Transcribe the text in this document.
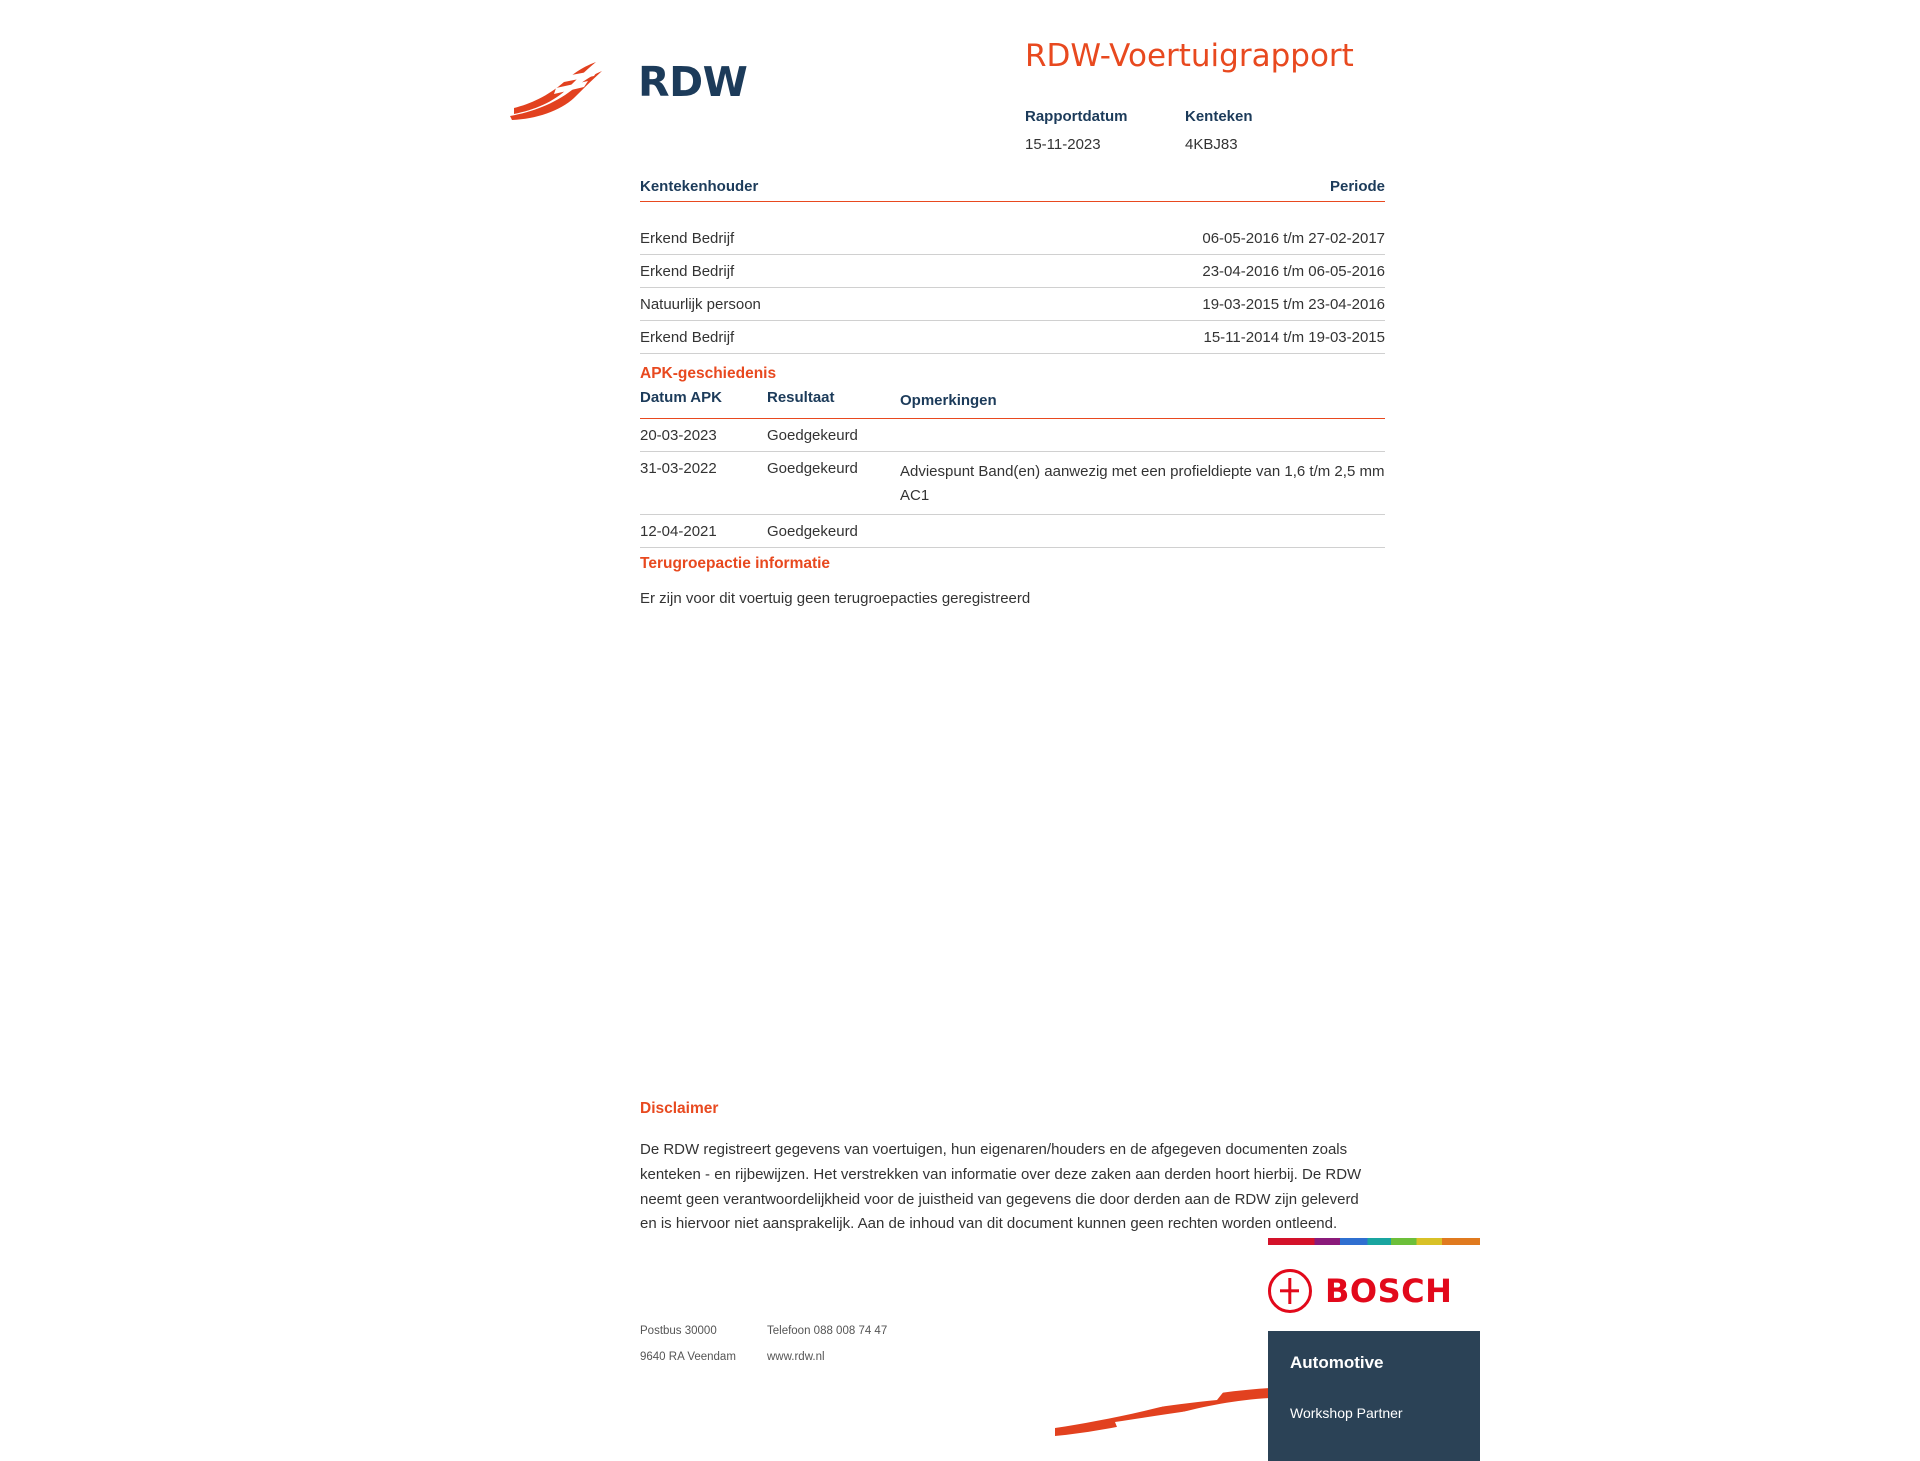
RDW
RDW-Voertuigrapport
Rapportdatum	Kenteken
15-11-2023	4KBJ83
Kentekenhouder	Periode
Erkend Bedrijf	06-05-2016 t/m 27-02-2017
Erkend Bedrijf	23-04-2016 t/m 06-05-2016
Natuurlijk persoon	19-03-2015 t/m 23-04-2016
Erkend Bedrijf	15-11-2014 t/m 19-03-2015
APK-geschiedenis
Datum APK	Resultaat	Opmerkingen
20-03-2023	Goedgekeurd
31-03-2022	Goedgekeurd	Adviespunt Band(en) aanwezig met een profieldiepte van 1,6 t/m 2,5 mm AC1
12-04-2021	Goedgekeurd
Terugroepactie informatie
Er zijn voor dit voertuig geen terugroepacties geregistreerd
Disclaimer
De RDW registreert gegevens van voertuigen, hun eigenaren/houders en de afgegeven documenten zoals kenteken - en rijbewijzen. Het verstrekken van informatie over deze zaken aan derden hoort hierbij. De RDW neemt geen verantwoordelijkheid voor de juistheid van gegevens die door derden aan de RDW zijn geleverd en is hiervoor niet aansprakelijk. Aan de inhoud van dit document kunnen geen rechten worden ontleend.
Postbus 30000	Telefoon 088 008 74 47
9640 RA Veendam	www.rdw.nl
BOSCH
Automotive
Workshop Partner
